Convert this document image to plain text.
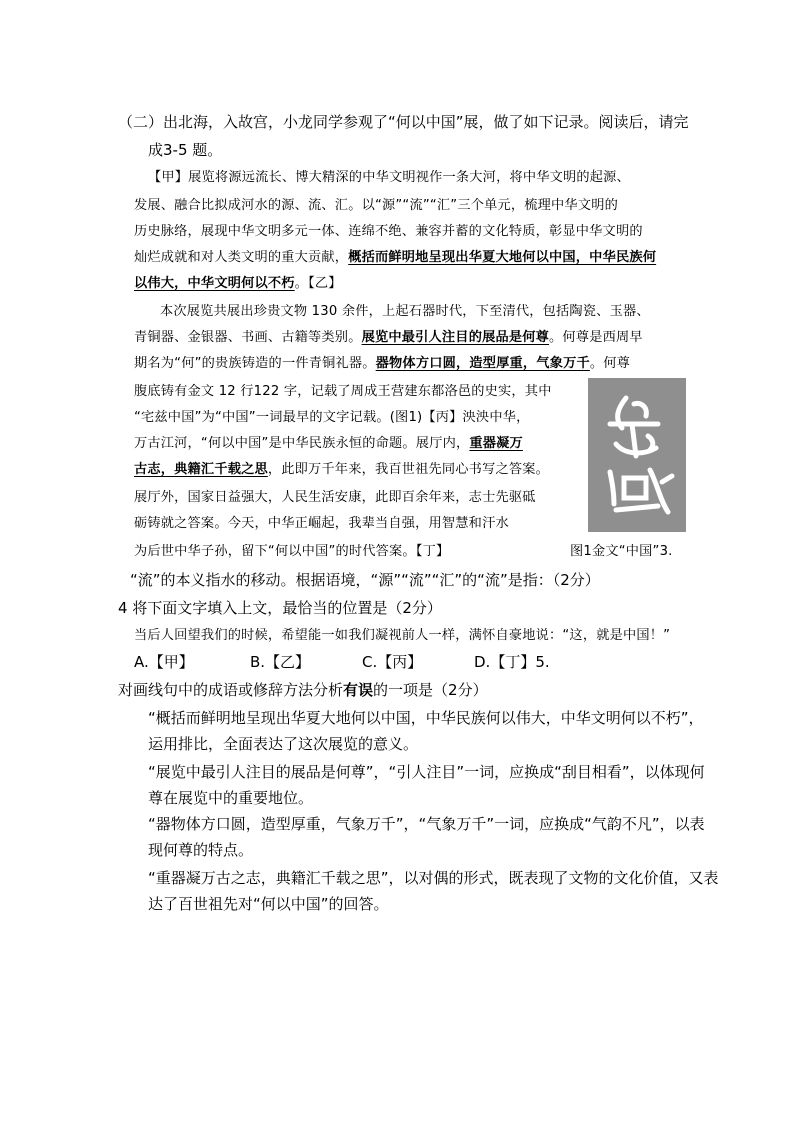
（二）出北海，入故宫，小龙同学参观了“何以中国”展，做了如下记录。阅读后，请完
成3-5 题。
【甲】展览将源远流长、博大精深的中华文明视作一条大河，将中华文明的起源、
发展、融合比拟成河水的源、流、汇。以“源”“流”“汇”三个单元，梳理中华文明的
历史脉络，展现中华文明多元一体、连绵不绝、兼容并蓄的文化特质，彰显中华文明的
灿烂成就和对人类文明的重大贡献，概括而鲜明地呈现出华夏大地何以中国，中华民族何
以伟大，中华文明何以不朽。【乙】
本次展览共展出珍贵文物 130 余件，上起石器时代，下至清代，包括陶瓷、玉器、
青铜器、金银器、书画、古籍等类别。展览中最引人注目的展品是何尊。何尊是西周早
期名为“何”的贵族铸造的一件青铜礼器。器物体方口圆，造型厚重，气象万千。何尊
腹底铸有金文 12 行122 字，记载了周成王营建东都洛邑的史实，其中
“宅兹中国”为“中国”一词最早的文字记载。(图1)【丙】泱泱中华，
万古江河，“何以中国”是中华民族永恒的命题。展厅内，重器凝万
古志，典籍汇千载之思，此即万千年来，我百世祖先同心书写之答案。
展厅外，国家日益强大，人民生活安康，此即百余年来，志士先驱砥
砺铸就之答案。今天，中华正崛起，我辈当自强，用智慧和汗水
为后世中华子孙，留下“何以中国”的时代答案。【丁】	图1金文“中国”3.
“流”的本义指水的移动。根据语境，“源”“流”“汇”的“流”是指：（2分）
4 将下面文字填入上文，最恰当的位置是（2分）
当后人回望我们的时候，希望能一如我们凝视前人一样，满怀自豪地说：“这，就是中国！”
A.【甲】	B.【乙】	C.【丙】	D.【丁】5.
对画线句中的成语或修辞方法分析有误的一项是（2分）
“概括而鲜明地呈现出华夏大地何以中国，中华民族何以伟大，中华文明何以不朽”，
运用排比，全面表达了这次展览的意义。
“展览中最引人注目的展品是何尊”，“引人注目”一词，应换成“刮目相看”，以体现何
尊在展览中的重要地位。
“器物体方口圆，造型厚重，气象万千”，“气象万千”一词，应换成“气韵不凡”，以表
现何尊的特点。
“重器凝万古之志，典籍汇千载之思”，以对偶的形式，既表现了文物的文化价值，又表
达了百世祖先对“何以中国”的回答。
